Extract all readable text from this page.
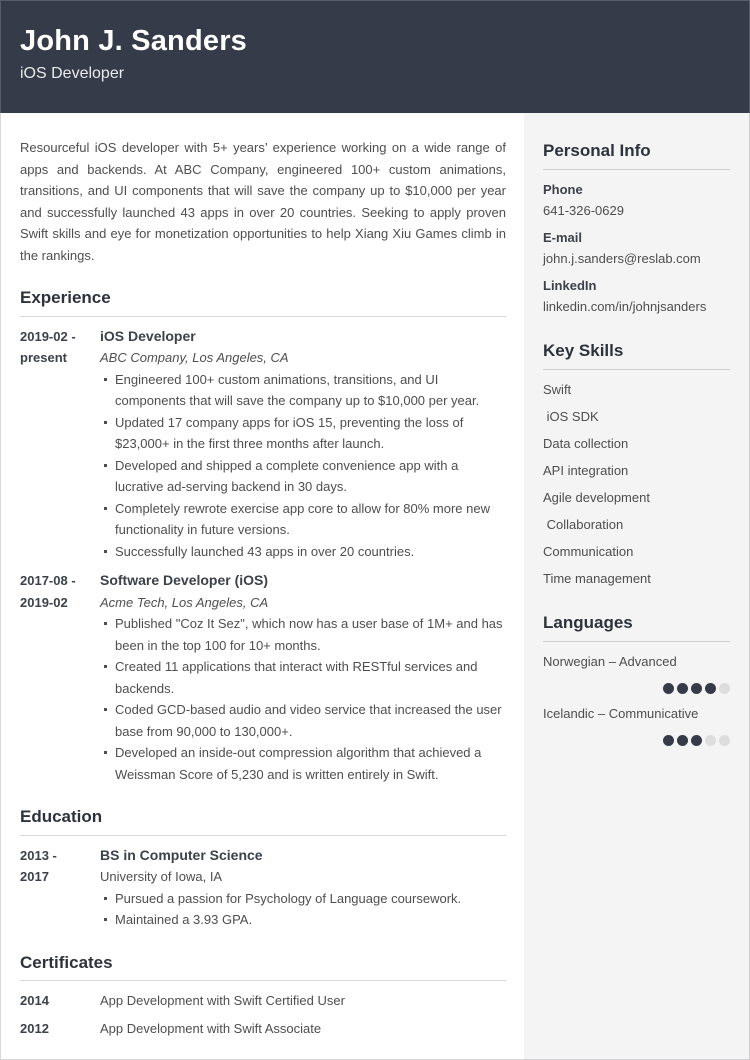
John J. Sanders
iOS Developer

Resourceful iOS developer with 5+ years’ experience working on a wide range of apps and backends. At ABC Company, engineered 100+ custom animations, transitions, and UI components that will save the company up to $10,000 per year and successfully launched 43 apps in over 20 countries. Seeking to apply proven Swift skills and eye for monetization opportunities to help Xiang Xiu Games climb in the rankings.

Experience
2019-02 -
present
iOS Developer
ABC Company, Los Angeles, CA
Engineered 100+ custom animations, transitions, and UI components that will save the company up to $10,000 per year.
Updated 17 company apps for iOS 15, preventing the loss of $23,000+ in the first three months after launch.
Developed and shipped a complete convenience app with a lucrative ad-serving backend in 30 days.
Completely rewrote exercise app core to allow for 80% more new functionality in future versions.
Successfully launched 43 apps in over 20 countries.
2017-08 -
2019-02
Software Developer (iOS)
Acme Tech, Los Angeles, CA
Published "Coz It Sez", which now has a user base of 1M+ and has been in the top 100 for 10+ months.
Created 11 applications that interact with RESTful services and backends.
Coded GCD-based audio and video service that increased the user base from 90,000 to 130,000+.
Developed an inside-out compression algorithm that achieved a Weissman Score of 5,230 and is written entirely in Swift.
Education
2013 -
2017
BS in Computer Science
University of Iowa, IA
Pursued a passion for Psychology of Language coursework.
Maintained a 3.93 GPA.
Certificates
2014	App Development with Swift Certified User
2012	App Development with Swift Associate
Personal Info
Phone
641-326-0629
E-mail
john.j.sanders@reslab.com
LinkedIn
linkedin.com/in/johnjsanders
Key Skills
Swift
iOS SDK
Data collection
API integration
Agile development
Collaboration
Communication
Time management
Languages
Norwegian – Advanced
Icelandic – Communicative
